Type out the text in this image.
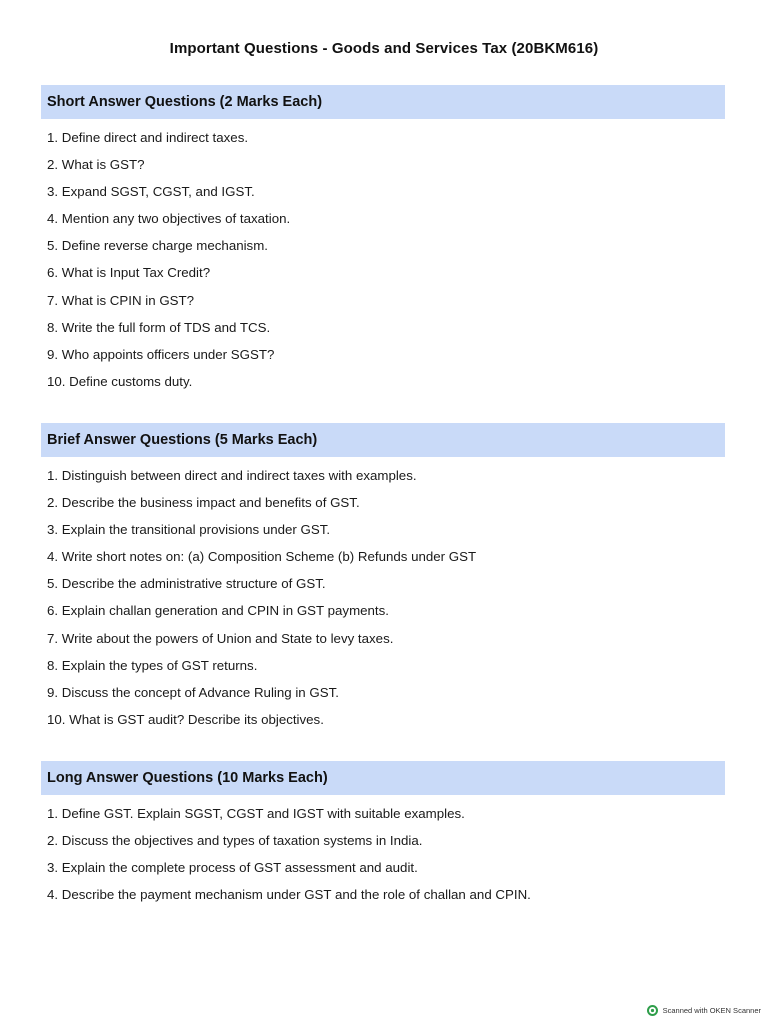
Important Questions - Goods and Services Tax (20BKM616)
Short Answer Questions (2 Marks Each)
1. Define direct and indirect taxes.
2. What is GST?
3. Expand SGST, CGST, and IGST.
4. Mention any two objectives of taxation.
5. Define reverse charge mechanism.
6. What is Input Tax Credit?
7. What is CPIN in GST?
8. Write the full form of TDS and TCS.
9. Who appoints officers under SGST?
10. Define customs duty.
Brief Answer Questions (5 Marks Each)
1. Distinguish between direct and indirect taxes with examples.
2. Describe the business impact and benefits of GST.
3. Explain the transitional provisions under GST.
4. Write short notes on: (a) Composition Scheme (b) Refunds under GST
5. Describe the administrative structure of GST.
6. Explain challan generation and CPIN in GST payments.
7. Write about the powers of Union and State to levy taxes.
8. Explain the types of GST returns.
9. Discuss the concept of Advance Ruling in GST.
10. What is GST audit? Describe its objectives.
Long Answer Questions (10 Marks Each)
1. Define GST. Explain SGST, CGST and IGST with suitable examples.
2. Discuss the objectives and types of taxation systems in India.
3. Explain the complete process of GST assessment and audit.
4. Describe the payment mechanism under GST and the role of challan and CPIN.
Scanned with OKEN Scanner
